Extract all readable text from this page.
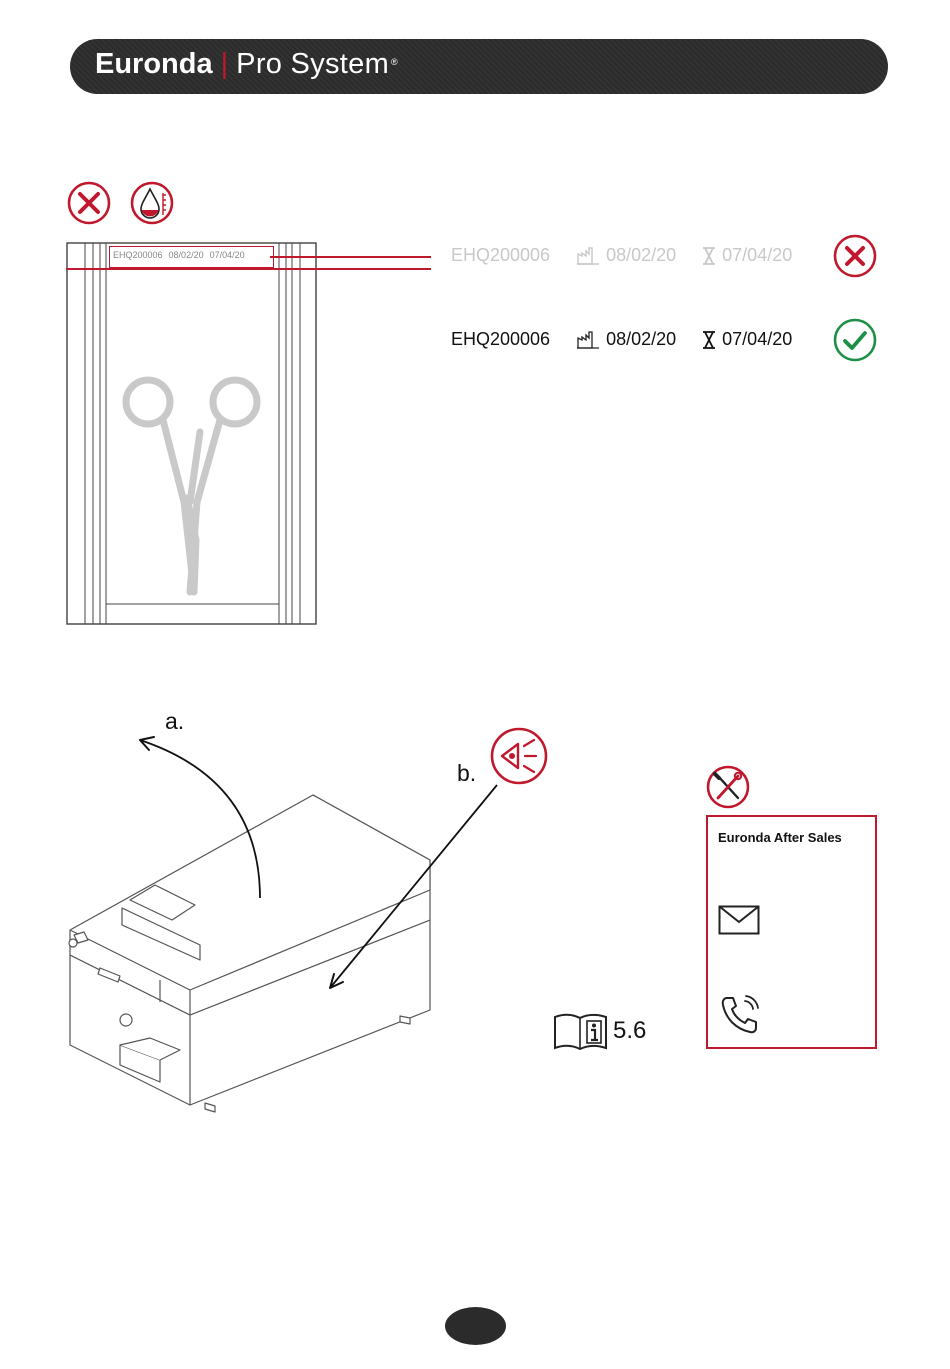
Euronda | Pro System®
EHQ200006 08/02/20 07/04/20	EHQ200006	08/02/20	07/04/20
EHQ200006	08/02/20	07/04/20
a.
b.
Euronda After Sales
5.6
